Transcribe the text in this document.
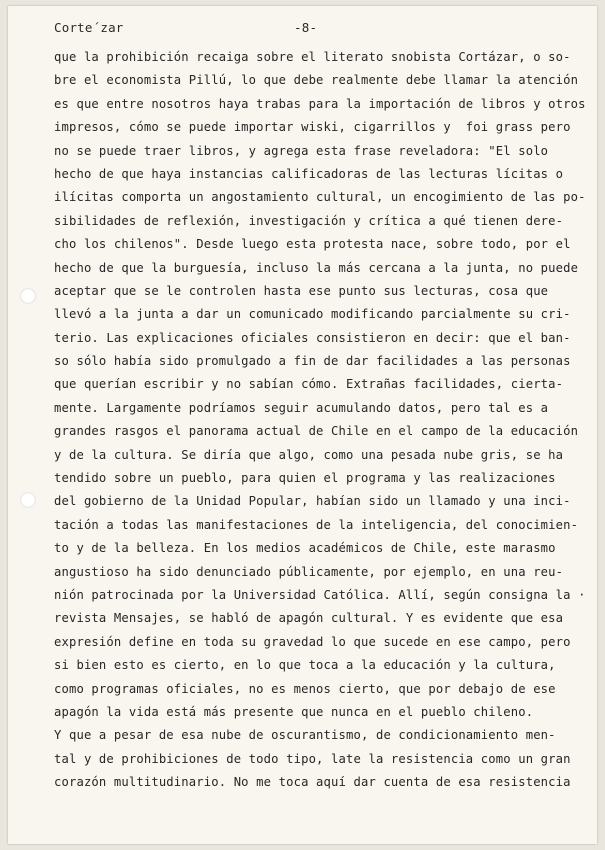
Corte´zar	-8-
que la prohibición recaiga sobre el literato snobista Cortázar, o so-
bre el economista Pillú, lo que debe realmente debe llamar la atención
es que entre nosotros haya trabas para la importación de libros y otros
impresos, cómo se puede importar wiski, cigarrillos y  foi grass pero
no se puede traer libros, y agrega esta frase reveladora: "El solo
hecho de que haya instancias calificadoras de las lecturas lícitas o
ilícitas comporta un angostamiento cultural, un encogimiento de las po-
sibilidades de reflexión, investigación y crítica a qué tienen dere-
cho los chilenos". Desde luego esta protesta nace, sobre todo, por el
hecho de que la burguesía, incluso la más cercana a la junta, no puede
aceptar que se le controlen hasta ese punto sus lecturas, cosa que
llevó a la junta a dar un comunicado modificando parcialmente su cri-
terio. Las explicaciones oficiales consistieron en decir: que el ban-
so sólo había sido promulgado a fin de dar facilidades a las personas
que querían escribir y no sabían cómo. Extrañas facilidades, cierta-
mente. Largamente podríamos seguir acumulando datos, pero tal es a
grandes rasgos el panorama actual de Chile en el campo de la educación
y de la cultura. Se diría que algo, como una pesada nube gris, se ha
tendido sobre un pueblo, para quien el programa y las realizaciones
del gobierno de la Unidad Popular, habían sido un llamado y una inci-
tación a todas las manifestaciones de la inteligencia, del conocimien-
to y de la belleza. En los medios académicos de Chile, este marasmo
angustioso ha sido denunciado públicamente, por ejemplo, en una reu-
nión patrocinada por la Universidad Católica. Allí, según consigna la ·
revista Mensajes, se habló de apagón cultural. Y es evidente que esa
expresión define en toda su gravedad lo que sucede en ese campo, pero
si bien esto es cierto, en lo que toca a la educación y la cultura,
como programas oficiales, no es menos cierto, que por debajo de ese
apagón la vida está más presente que nunca en el pueblo chileno.
Y que a pesar de esa nube de oscurantismo, de condicionamiento men-
tal y de prohibiciones de todo tipo, late la resistencia como un gran
corazón multitudinario. No me toca aquí dar cuenta de esa resistencia
